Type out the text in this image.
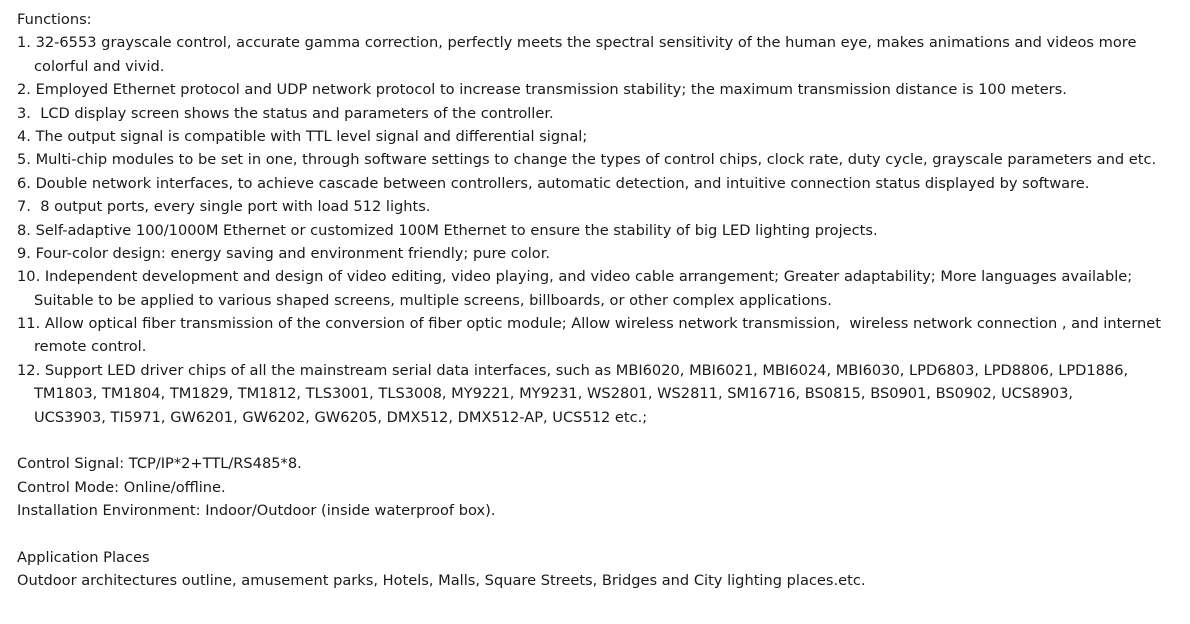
Functions:
1. 32-6553 grayscale control, accurate gamma correction, perfectly meets the spectral sensitivity of the human eye, makes animations and videos more
colorful and vivid.
2. Employed Ethernet protocol and UDP network protocol to increase transmission stability; the maximum transmission distance is 100 meters.
3.  LCD display screen shows the status and parameters of the controller.
4. The output signal is compatible with TTL level signal and differential signal;
5. Multi-chip modules to be set in one, through software settings to change the types of control chips, clock rate, duty cycle, grayscale parameters and etc.
6. Double network interfaces, to achieve cascade between controllers, automatic detection, and intuitive connection status displayed by software.
7.  8 output ports, every single port with load 512 lights.
8. Self-adaptive 100/1000M Ethernet or customized 100M Ethernet to ensure the stability of big LED lighting projects.
9. Four-color design: energy saving and environment friendly; pure color.
10. Independent development and design of video editing, video playing, and video cable arrangement; Greater adaptability; More languages available;
Suitable to be applied to various shaped screens, multiple screens, billboards, or other complex applications.
11. Allow optical fiber transmission of the conversion of fiber optic module; Allow wireless network transmission,  wireless network connection , and internet
remote control.
12. Support LED driver chips of all the mainstream serial data interfaces, such as MBI6020, MBI6021, MBI6024, MBI6030, LPD6803, LPD8806, LPD1886,
TM1803, TM1804, TM1829, TM1812, TLS3001, TLS3008, MY9221, MY9231, WS2801, WS2811, SM16716, BS0815, BS0901, BS0902, UCS8903,
UCS3903, TI5971, GW6201, GW6202, GW6205, DMX512, DMX512-AP, UCS512 etc.;
Control Signal: TCP/IP*2+TTL/RS485*8.
Control Mode: Online/offline.
Installation Environment: Indoor/Outdoor (inside waterproof box).
Application Places
Outdoor architectures outline, amusement parks, Hotels, Malls, Square Streets, Bridges and City lighting places.etc.
